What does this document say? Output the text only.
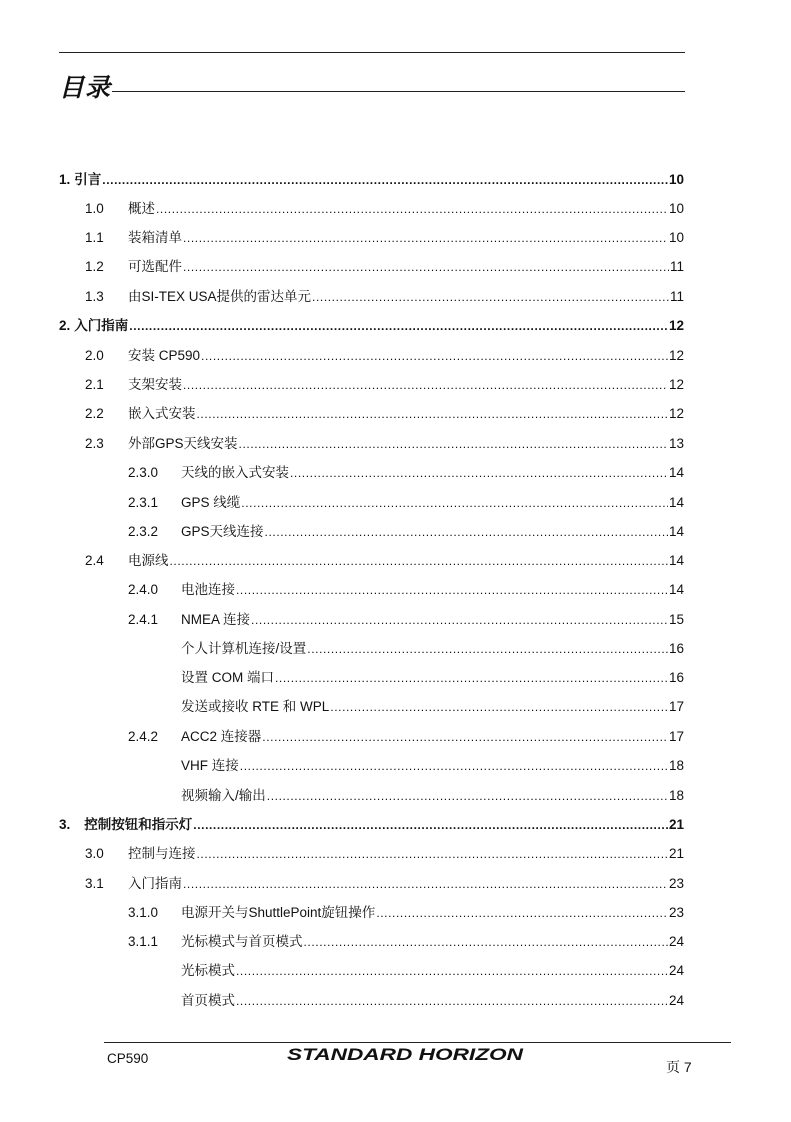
目录
1. 引言 .....	10
1.0	概述 .....	10
1.1	装箱清单 .....	10
1.2	可选配件 .....	11
1.3	由SI-TEX USA提供的雷达单元 .....	11
2. 入门指南 .....	12
2.0	安装 CP590 .....	12
2.1	支架安装 .....	12
2.2	嵌入式安装 .....	12
2.3	外部GPS天线安装 .....	13
2.3.0	天线的嵌入式安装 .....	14
2.3.1	GPS 线缆 .....	14
2.3.2	GPS天线连接 .....	14
2.4	电源线 .....	14
2.4.0	电池连接 .....	14
2.4.1	NMEA 连接 .....	15
个人计算机连接/设置 .....	16
设置 COM 端口 .....	16
发送或接收 RTE 和 WPL .....	17
2.4.2	ACC2 连接器 .....	17
VHF 连接 .....	18
视频输入/输出 .....	18
3. 控制按钮和指示灯 .....	21
3.0	控制与连接 .....	21
3.1	入门指南 .....	23
3.1.0	电源开关与ShuttlePoint旋钮操作 .....	23
3.1.1	光标模式与首页模式 .....	24
光标模式 .....	24
首页模式 .....	24
CP590	STANDARD HORIZON
页 7
